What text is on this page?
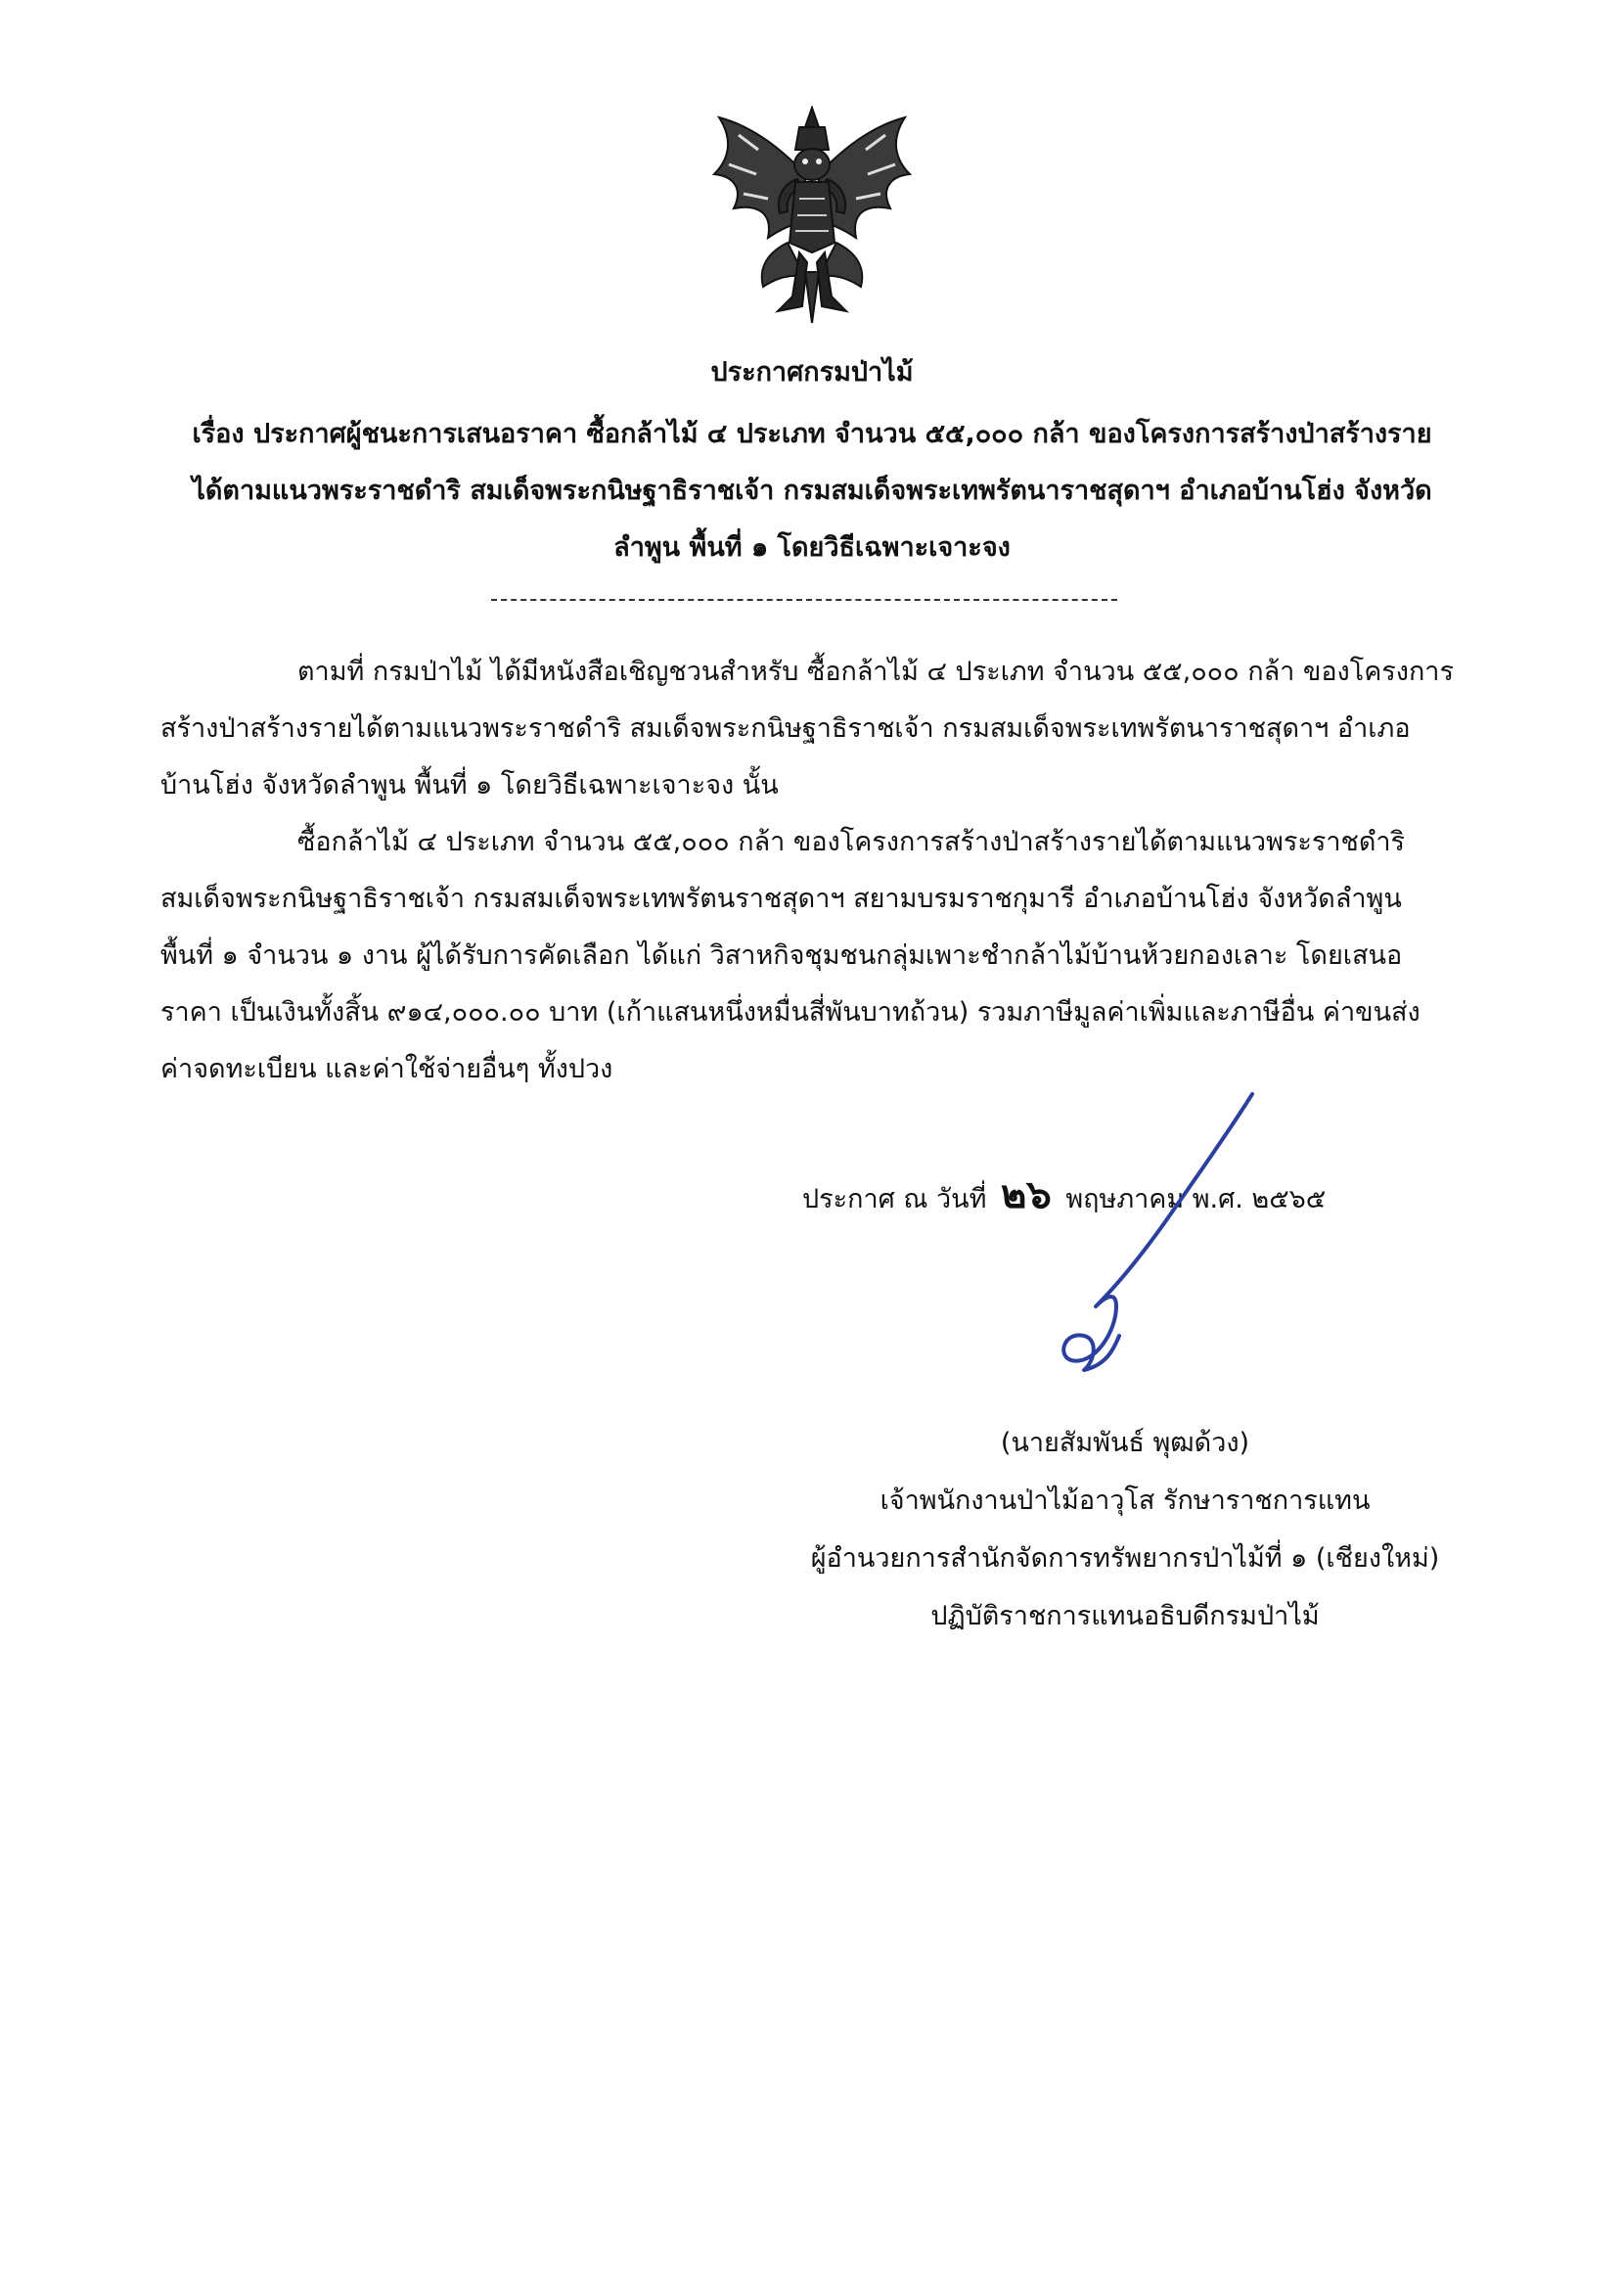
ประกาศกรมป่าไม้
เรื่อง ประกาศผู้ชนะการเสนอราคา ซื้อกล้าไม้ ๔ ประเภท จำนวน ๕๕,๐๐๐ กล้า ของโครงการสร้างป่าสร้างราย
ได้ตามแนวพระราชดำริ สมเด็จพระกนิษฐาธิราชเจ้า กรมสมเด็จพระเทพรัตนาราชสุดาฯ อำเภอบ้านโฮ่ง จังหวัด
ลำพูน พื้นที่ ๑ โดยวิธีเฉพาะเจาะจง
ตามที่ กรมป่าไม้ ได้มีหนังสือเชิญชวนสำหรับ ซื้อกล้าไม้ ๔ ประเภท จำนวน ๕๕,๐๐๐ กล้า ของโครงการ
สร้างป่าสร้างรายได้ตามแนวพระราชดำริ สมเด็จพระกนิษฐาธิราชเจ้า กรมสมเด็จพระเทพรัตนาราชสุดาฯ อำเภอ
บ้านโฮ่ง จังหวัดลำพูน พื้นที่ ๑ โดยวิธีเฉพาะเจาะจง นั้น
ซื้อกล้าไม้ ๔ ประเภท จำนวน ๕๕,๐๐๐ กล้า ของโครงการสร้างป่าสร้างรายได้ตามแนวพระราชดำริ
สมเด็จพระกนิษฐาธิราชเจ้า กรมสมเด็จพระเทพรัตนราชสุดาฯ สยามบรมราชกุมารี อำเภอบ้านโฮ่ง จังหวัดลำพูน
พื้นที่ ๑ จำนวน ๑ งาน ผู้ได้รับการคัดเลือก ได้แก่ วิสาหกิจชุมชนกลุ่มเพาะชำกล้าไม้บ้านห้วยกองเลาะ โดยเสนอ
ราคา เป็นเงินทั้งสิ้น ๙๑๔,๐๐๐.๐๐ บาท (เก้าแสนหนึ่งหมื่นสี่พันบาทถ้วน) รวมภาษีมูลค่าเพิ่มและภาษีอื่น ค่าขนส่ง
ค่าจดทะเบียน และค่าใช้จ่ายอื่นๆ ทั้งปวง
ประกาศ ณ วันที่ ๒๖ พฤษภาคม พ.ศ. ๒๕๖๕
(นายสัมพันธ์ พุฒด้วง)
เจ้าพนักงานป่าไม้อาวุโส รักษาราชการแทน
ผู้อำนวยการสำนักจัดการทรัพยากรป่าไม้ที่ ๑ (เชียงใหม่)
ปฏิบัติราชการแทนอธิบดีกรมป่าไม้
